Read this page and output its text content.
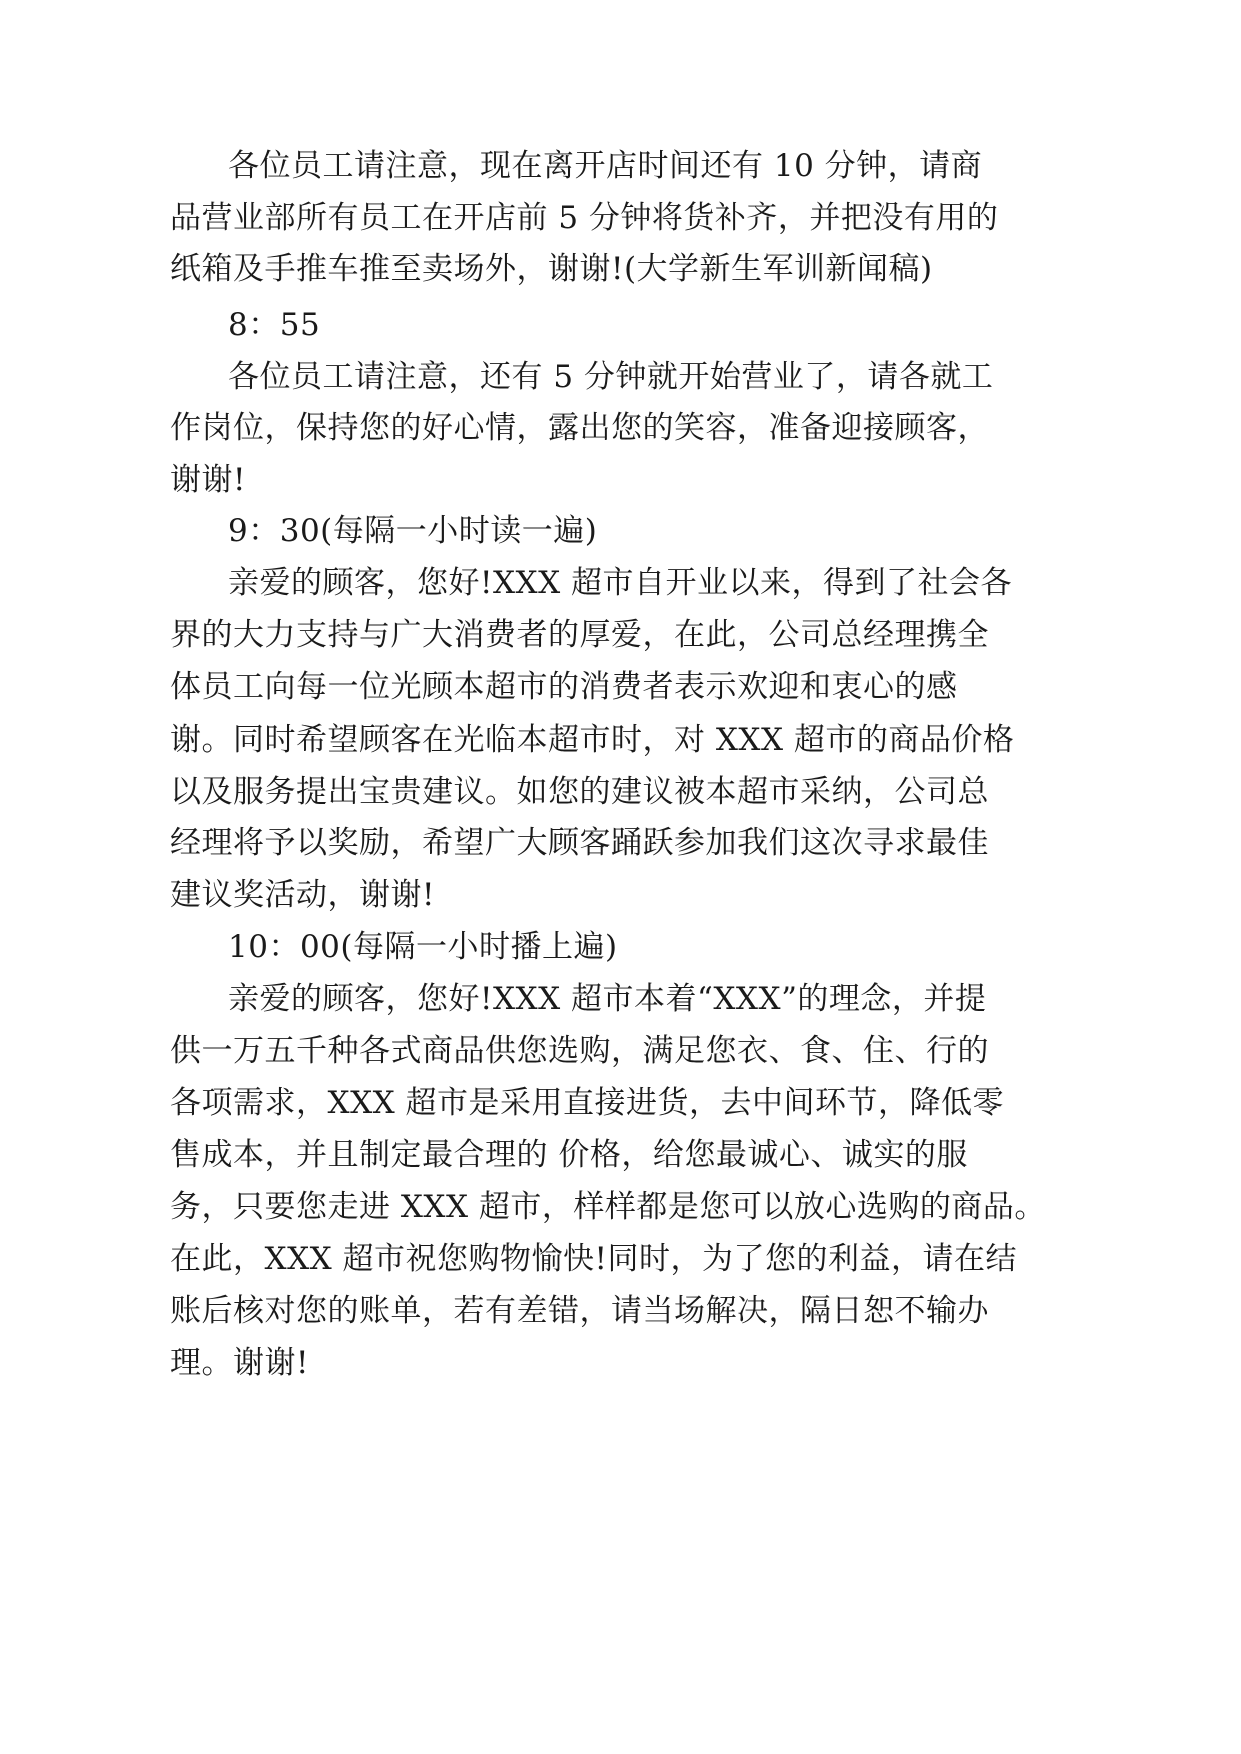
各位员工请注意，现在离开店时间还有 10 分钟，请商
品营业部所有员工在开店前 5 分钟将货补齐，并把没有用的
纸箱及手推车推至卖场外，谢谢!(大学新生军训新闻稿)
8：55
各位员工请注意，还有 5 分钟就开始营业了，请各就工
作岗位，保持您的好心情，露出您的笑容，准备迎接顾客，
谢谢!
9：30(每隔一小时读一遍)
亲爱的顾客，您好!XXX 超市自开业以来，得到了社会各
界的大力支持与广大消费者的厚爱，在此，公司总经理携全
体员工向每一位光顾本超市的消费者表示欢迎和衷心的感
谢。同时希望顾客在光临本超市时，对 XXX 超市的商品价格
以及服务提出宝贵建议。如您的建议被本超市采纳，公司总
经理将予以奖励，希望广大顾客踊跃参加我们这次寻求最佳
建议奖活动，谢谢!
10：00(每隔一小时播上遍)
亲爱的顾客，您好!XXX 超市本着“XXX”的理念，并提
供一万五千种各式商品供您选购，满足您衣、食、住、行的
各项需求，XXX 超市是采用直接进货，去中间环节，降低零
售成本，并且制定最合理的 价格，给您最诚心、诚实的服
务，只要您走进 XXX 超市，样样都是您可以放心选购的商品。
在此，XXX 超市祝您购物愉快!同时，为了您的利益，请在结
账后核对您的账单，若有差错，请当场解决，隔日恕不输办
理。谢谢!
